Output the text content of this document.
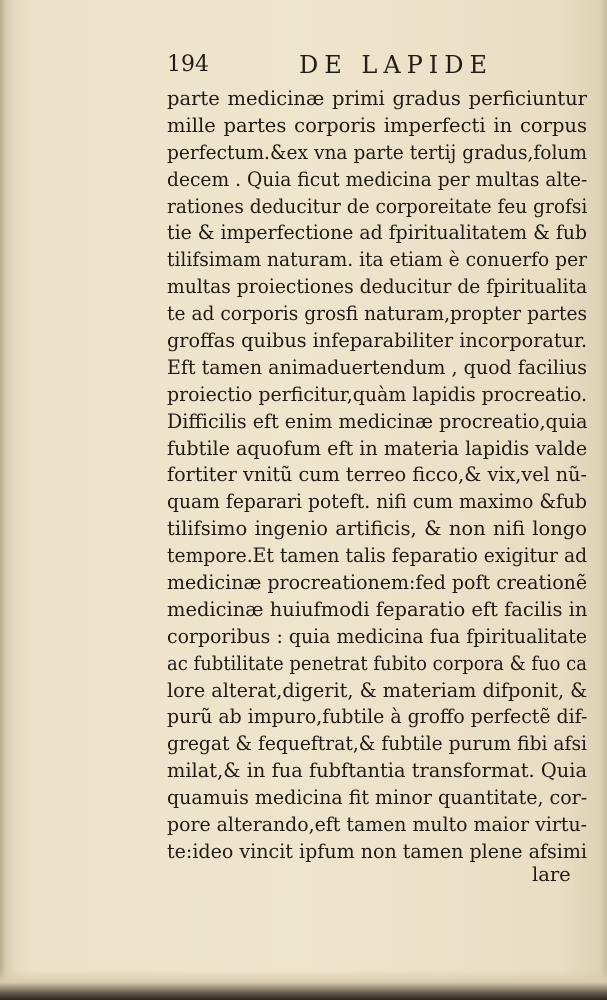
194	DE LAPIDE
parte medicinæ primi gradus perficiuntur
mille partes corporis imperfecti in corpus
perfectum.&ex vna parte tertij gradus,folum
decem . Quia ficut medicina per multas alte-
rationes deducitur de corporeitate feu grofsi
tie & imperfectione ad fpiritualitatem & fub
tilifsimam naturam. ita etiam è conuerfo per
multas proiectiones deducitur de fpiritualita
te ad corporis grosfi naturam,propter partes
groffas quibus infeparabiliter incorporatur.
Eft tamen animaduertendum , quod facilius
proiectio perficitur,quàm lapidis procreatio.
Difficilis eft enim medicinæ procreatio,quia
fubtile aquofum eft in materia lapidis valde
fortiter vnitũ cum terreo ficco,& vix,vel nũ-
quam feparari poteft. nifi cum maximo &fub
tilifsimo ingenio artificis, & non nifi longo
tempore.Et tamen talis feparatio exigitur ad
medicinæ procreationem:fed poft creationẽ
medicinæ huiufmodi feparatio eft facilis in
corporibus : quia medicina fua fpiritualitate
ac fubtilitate penetrat fubito corpora & fuo ca
lore alterat,digerit, & materiam difponit, &
purũ ab impuro,fubtile à groffo perfectẽ dif-
gregat & fequeftrat,& fubtile purum fibi afsi
milat,& in fua fubftantia transformat. Quia
quamuis medicina fit minor quantitate, cor-
pore alterando,eft tamen multo maior virtu-
te:ideo vincit ipfum non tamen plene afsimi
lare
